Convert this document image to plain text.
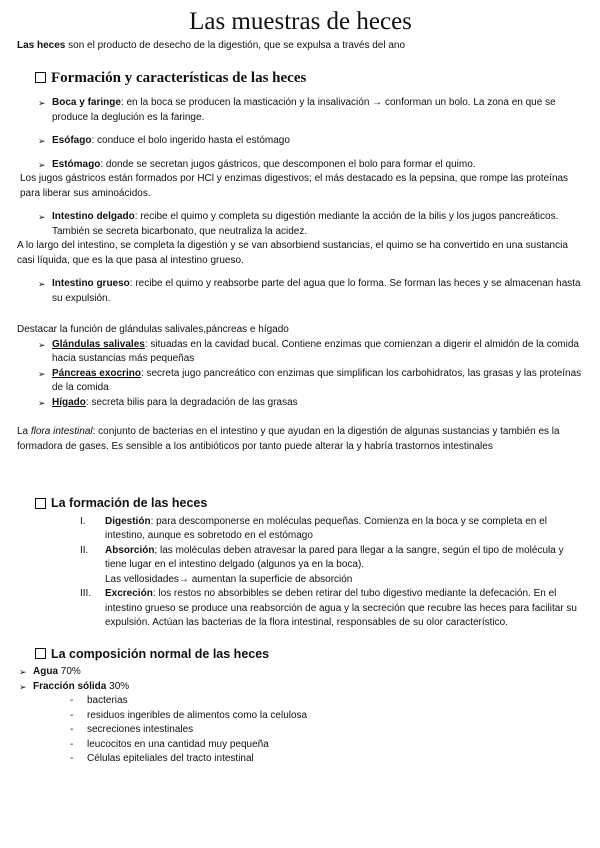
Las muestras de heces

Las heces son el producto de desecho de la digestión, que se expulsa a través del ano

Formación y características de las heces
➢ Boca y faringe: en la boca se producen la masticación y la insalivación → conforman un bolo. La zona en que se produce la deglución es la faringe.
➢ Esófago: conduce el bolo ingerido hasta el estómago
➢ Estómago: donde se secretan jugos gástricos, que descomponen el bolo para formar el quimo.

Los jugos gástricos están formados por HCl y enzimas digestivos; el más destacado es la pepsina, que rompe las proteínas para liberar sus aminoácidos.

➢ Intestino delgado: recibe el quimo y completa su digestión mediante la acción de la bilis y los jugos pancreáticos. También se secreta bicarbonato, que neutraliza la acidez.

A lo largo del intestino, se completa la digestión y se van absorbiend sustancias, el quimo se ha convertido en una sustancia casi líquida, que es la que pasa al intestino grueso.

➢ Intestino grueso: recibe el quimo y reabsorbe parte del agua que lo forma. Se forman las heces y se almacenan hasta su expulsión.

Destacar la función de glándulas salivales,páncreas e hígado

➢ Glándulas salivales: situadas en la cavidad bucal. Contiene enzimas que comienzan a digerir el almidón de la comida hacia sustancias más pequeñas
➢ Páncreas exocrino: secreta jugo pancreático con enzimas que simplifican los carbohidratos, las grasas y las proteínas de la comida
➢ Hígado: secreta bilis para la degradación de las grasas

La flora intestinal: conjunto de bacterias en el intestino y que ayudan en la digestión de algunas sustancias y también es la formadora de gases. Es sensible a los antibióticos por tanto puede alterar la y habría trastornos intestinales

La formación de las heces
I.	Digestión: para descomponerse en moléculas pequeñas. Comienza en la boca y se completa en el intestino, aunque es sobretodo en el estómago
II.	Absorción; las moléculas deben atravesar la pared para llegar a la sangre, según el tipo de molécula y tiene lugar en el intestino delgado (algunos ya en la boca).

Las vellosidades→ aumentan la superficie de absorción

III.	Excreción: los restos no absorbibles se deben retirar del tubo digestivo mediante la defecación. En el intestino grueso se produce una reabsorción de agua y la secreción que recubre las heces para facilitar su expulsión. Actúan las bacterias de la flora intestinal, responsables de su olor característico.
La composición normal de las heces
➢ Agua 70%
➢ Fracción sólida 30%
-	bacterias
-	residuos ingeribles de alimentos como la celulosa
-	secreciones intestinales
-	leucocitos en una cantidad muy pequeña
-	Células epiteliales del tracto intestinal
